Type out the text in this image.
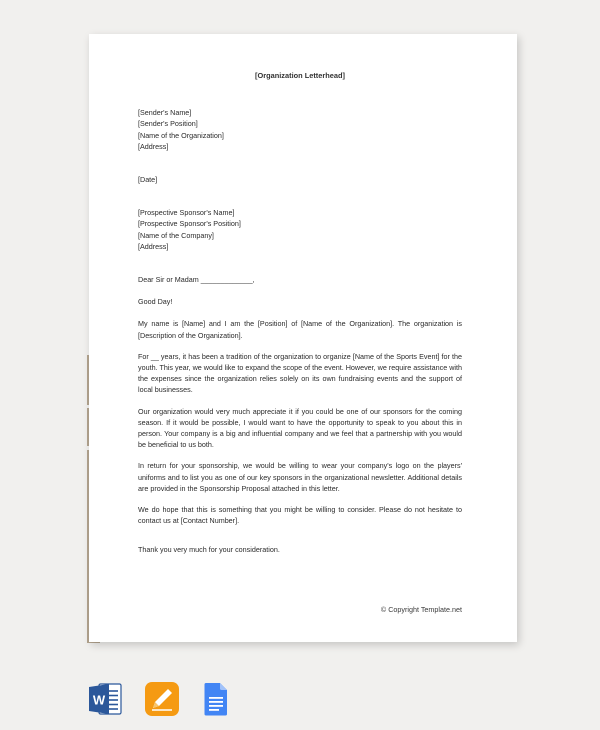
[Organization Letterhead]
[Sender's Name]
[Sender's Position]
[Name of the Organization]
[Address]
[Date]
[Prospective Sponsor's Name]
[Prospective Sponsor's Position]
[Name of the Company]
[Address]
Dear Sir or Madam _____________,
Good Day!
My name is [Name] and I am the [Position] of [Name of the Organization]. The organization is [Description of the Organization].
For __ years, it has been a tradition of the organization to organize [Name of the Sports Event] for the youth. This year, we would like to expand the scope of the event. However, we require assistance with the expenses since the organization relies solely on its own fundraising events and the support of local businesses.
Our organization would very much appreciate it if you could be one of our sponsors for the coming season. If it would be possible, I would want to have the opportunity to speak to you about this in person. Your company is a big and influential company and we feel that a partnership with you would be beneficial to us both.
In return for your sponsorship, we would be willing to wear your company's logo on the players' uniforms and to list you as one of our key sponsors in the organizational newsletter. Additional details are provided in the Sponsorship Proposal attached in this letter.
We do hope that this is something that you might be willing to consider. Please do not hesitate to contact us at [Contact Number].
Thank you very much for your consideration.
© Copyright Template.net
W
